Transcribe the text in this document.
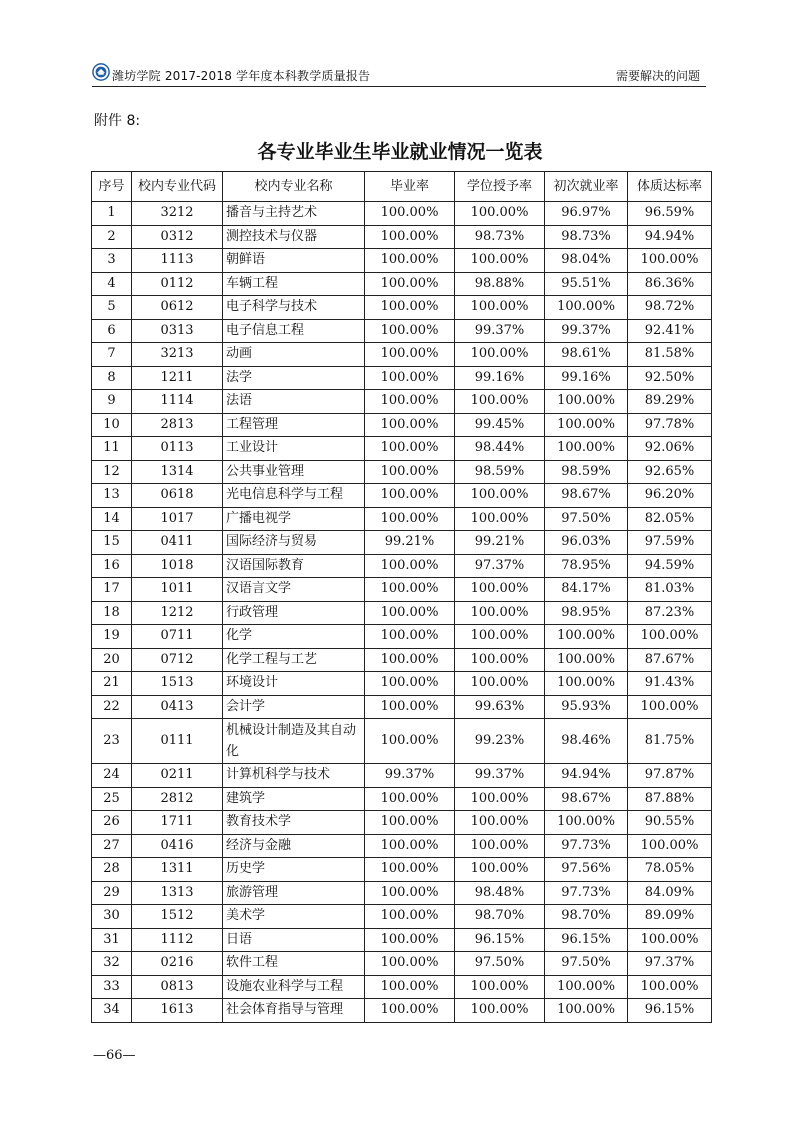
潍坊学院 2017-2018 学年度本科教学质量报告	需要解决的问题
附件 8:
各专业毕业生毕业就业情况一览表
序号	校内专业代码	校内专业名称	毕业率	学位授予率	初次就业率	体质达标率
1	3212	播音与主持艺术	100.00%	100.00%	96.97%	96.59%
2	0312	测控技术与仪器	100.00%	98.73%	98.73%	94.94%
3	1113	朝鲜语	100.00%	100.00%	98.04%	100.00%
4	0112	车辆工程	100.00%	98.88%	95.51%	86.36%
5	0612	电子科学与技术	100.00%	100.00%	100.00%	98.72%
6	0313	电子信息工程	100.00%	99.37%	99.37%	92.41%
7	3213	动画	100.00%	100.00%	98.61%	81.58%
8	1211	法学	100.00%	99.16%	99.16%	92.50%
9	1114	法语	100.00%	100.00%	100.00%	89.29%
10	2813	工程管理	100.00%	99.45%	100.00%	97.78%
11	0113	工业设计	100.00%	98.44%	100.00%	92.06%
12	1314	公共事业管理	100.00%	98.59%	98.59%	92.65%
13	0618	光电信息科学与工程	100.00%	100.00%	98.67%	96.20%
14	1017	广播电视学	100.00%	100.00%	97.50%	82.05%
15	0411	国际经济与贸易	99.21%	99.21%	96.03%	97.59%
16	1018	汉语国际教育	100.00%	97.37%	78.95%	94.59%
17	1011	汉语言文学	100.00%	100.00%	84.17%	81.03%
18	1212	行政管理	100.00%	100.00%	98.95%	87.23%
19	0711	化学	100.00%	100.00%	100.00%	100.00%
20	0712	化学工程与工艺	100.00%	100.00%	100.00%	87.67%
21	1513	环境设计	100.00%	100.00%	100.00%	91.43%
22	0413	会计学	100.00%	99.63%	95.93%	100.00%
23	0111	机械设计制造及其自动化	100.00%	99.23%	98.46%	81.75%
24	0211	计算机科学与技术	99.37%	99.37%	94.94%	97.87%
25	2812	建筑学	100.00%	100.00%	98.67%	87.88%
26	1711	教育技术学	100.00%	100.00%	100.00%	90.55%
27	0416	经济与金融	100.00%	100.00%	97.73%	100.00%
28	1311	历史学	100.00%	100.00%	97.56%	78.05%
29	1313	旅游管理	100.00%	98.48%	97.73%	84.09%
30	1512	美术学	100.00%	98.70%	98.70%	89.09%
31	1112	日语	100.00%	96.15%	96.15%	100.00%
32	0216	软件工程	100.00%	97.50%	97.50%	97.37%
33	0813	设施农业科学与工程	100.00%	100.00%	100.00%	100.00%
34	1613	社会体育指导与管理	100.00%	100.00%	100.00%	96.15%
—66—
